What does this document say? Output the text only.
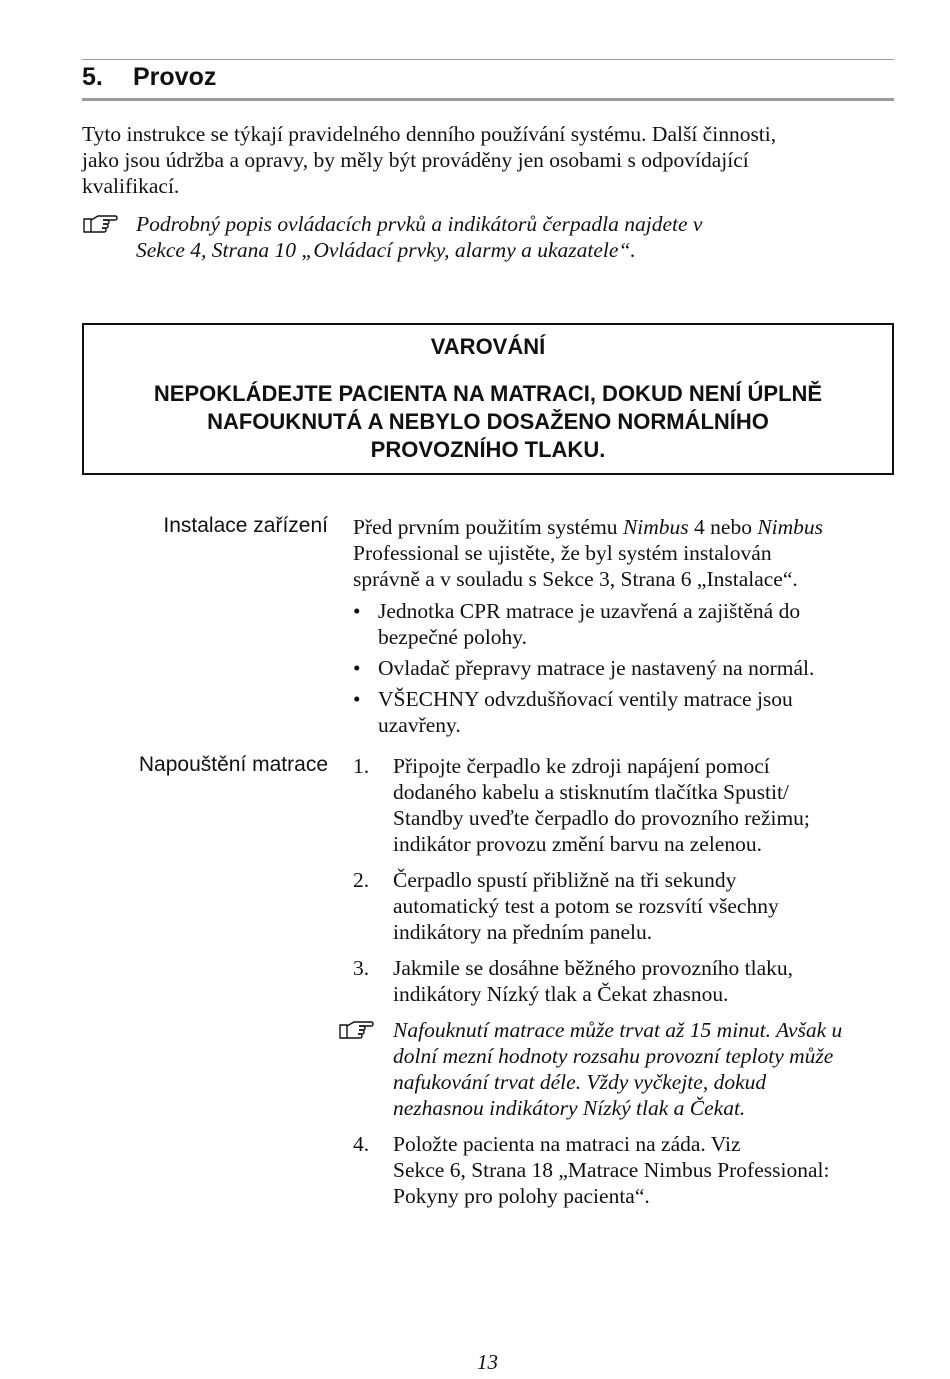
5. Provoz
Tyto instrukce se týkají pravidelného denního používání systému. Další činnosti,
jako jsou údržba a opravy, by měly být prováděny jen osobami s odpovídající
kvalifikací.
Podrobný popis ovládacích prvků a indikátorů čerpadla najdete v
Sekce 4, Strana 10 „Ovládací prvky, alarmy a ukazatele“.
VAROVÁNÍ
NEPOKLÁDEJTE PACIENTA NA MATRACI, DOKUD NENÍ ÚPLNĚ
NAFOUKNUTÁ A NEBYLO DOSAŽENO NORMÁLNÍHO
PROVOZNÍHO TLAKU.
Instalace zařízení Před prvním použitím systému Nimbus 4 nebo Nimbus
Professional se ujistěte, že byl systém instalován
správně a v souladu s Sekce 3, Strana 6 „Instalace“.
• Jednotka CPR matrace je uzavřená a zajištěná do
bezpečné polohy.
• Ovladač přepravy matrace je nastavený na normál.
• VŠECHNY odvzdušňovací ventily matrace jsou
uzavřeny.
Napouštění matrace 1. Připojte čerpadlo ke zdroji napájení pomocí
dodaného kabelu a stisknutím tlačítka Spustit/
Standby uveďte čerpadlo do provozního režimu;
indikátor provozu změní barvu na zelenou.
2. Čerpadlo spustí přibližně na tři sekundy
automatický test a potom se rozsvítí všechny
indikátory na předním panelu.
3. Jakmile se dosáhne běžného provozního tlaku,
indikátory Nízký tlak a Čekat zhasnou.
Nafouknutí matrace může trvat až 15 minut. Avšak u
dolní mezní hodnoty rozsahu provozní teploty může
nafukování trvat déle. Vždy vyčkejte, dokud
nezhasnou indikátory Nízký tlak a Čekat.
4. Položte pacienta na matraci na záda. Viz
Sekce 6, Strana 18 „Matrace Nimbus Professional:
Pokyny pro polohy pacienta“.
13
